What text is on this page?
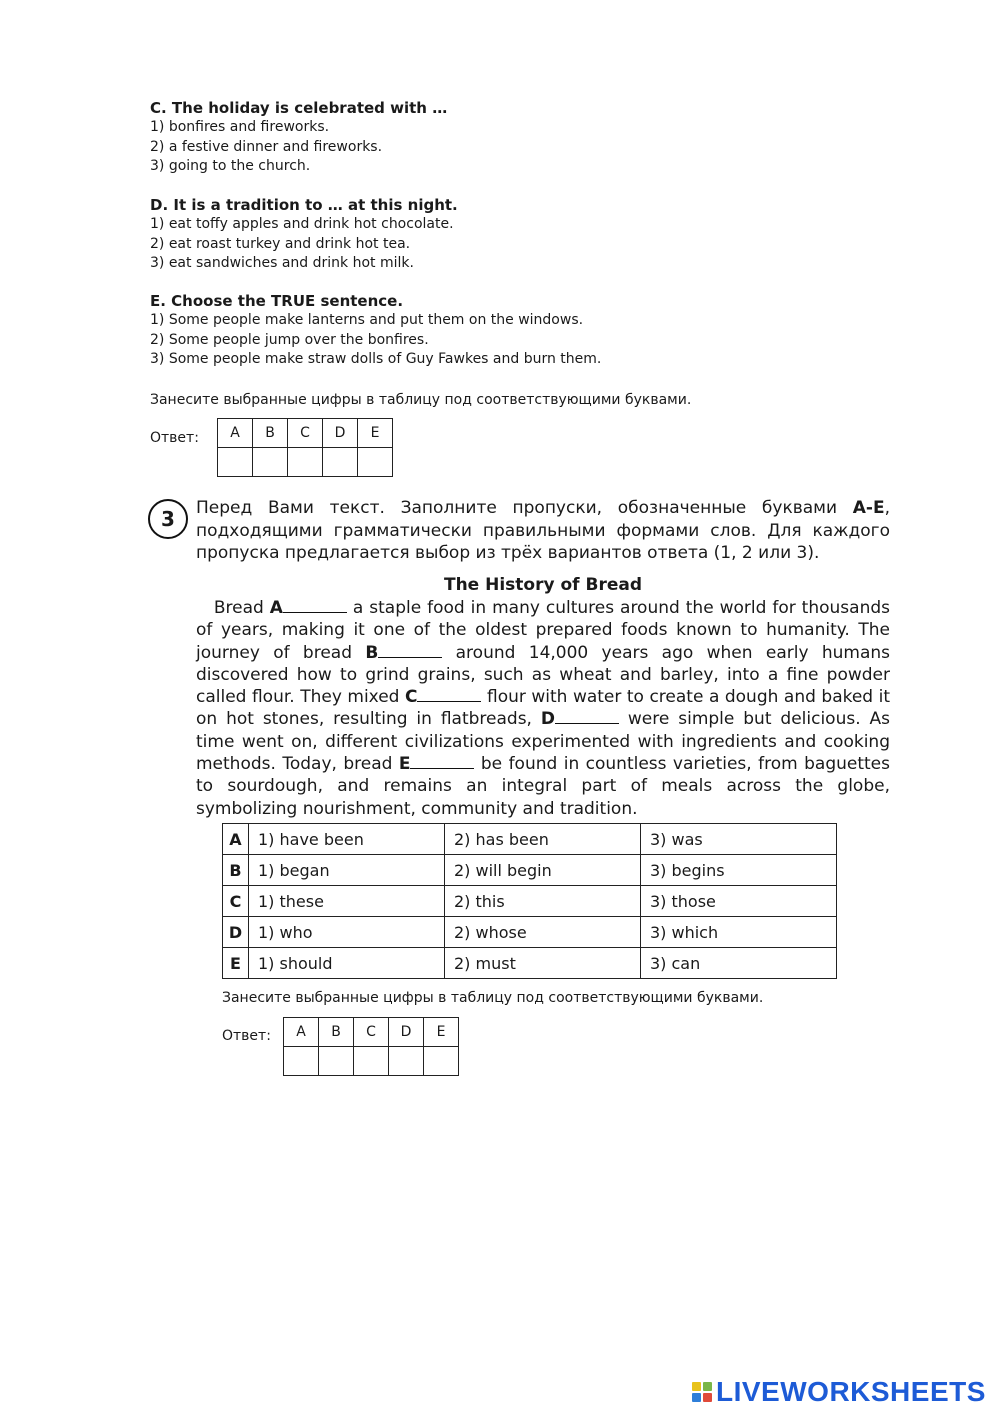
C. The holiday is celebrated with …

1) bonfires and fireworks.

2) a festive dinner and fireworks.

3) going to the church.

D. It is a tradition to … at this night.

1) eat toffy apples and drink hot chocolate.

2) eat roast turkey and drink hot tea.

3) eat sandwiches and drink hot milk.

E. Choose the TRUE sentence.

1) Some people make lanterns and put them on the windows.

2) Some people jump over the bonfires.

3) Some people make straw dolls of Guy Fawkes and burn them.

Занесите выбранные цифры в таблицу под соответствующими буквами.
Ответ: A	B	C	D	E

3	Перед Вами текст. Заполните пропуски, обозначенные буквами A-E, подходящими грамматически правильными формами слов. Для каждого пропуска предлагается выбор из трёх вариантов ответа (1, 2 или 3).

The History of Bread

Bread A	a staple food in many cultures around the world for thousands of years, making it one of the oldest prepared foods known to humanity. The journey of bread B	around 14,000 years ago when early humans discovered how to grind grains, such as wheat and barley, into a fine powder called flour. They mixed C	flour with water to create a dough and baked it on hot stones, resulting in flatbreads, D	were simple but delicious. As time went on, different civilizations experimented with ingredients and cooking methods. Today, bread E	be found in countless varieties, from baguettes to sourdough, and remains an integral part of meals across the globe, symbolizing nourishment, community and tradition.

A	1) have been	2) has been	3) was
B	1) began	2) will begin	3) begins
C	1) these	2) this	3) those
D	1) who	2) whose	3) which
E	1) should	2) must	3) can
Занесите выбранные цифры в таблицу под соответствующими буквами.
Ответ: A	B	C	D	E

LIVEWORKSHEETS
